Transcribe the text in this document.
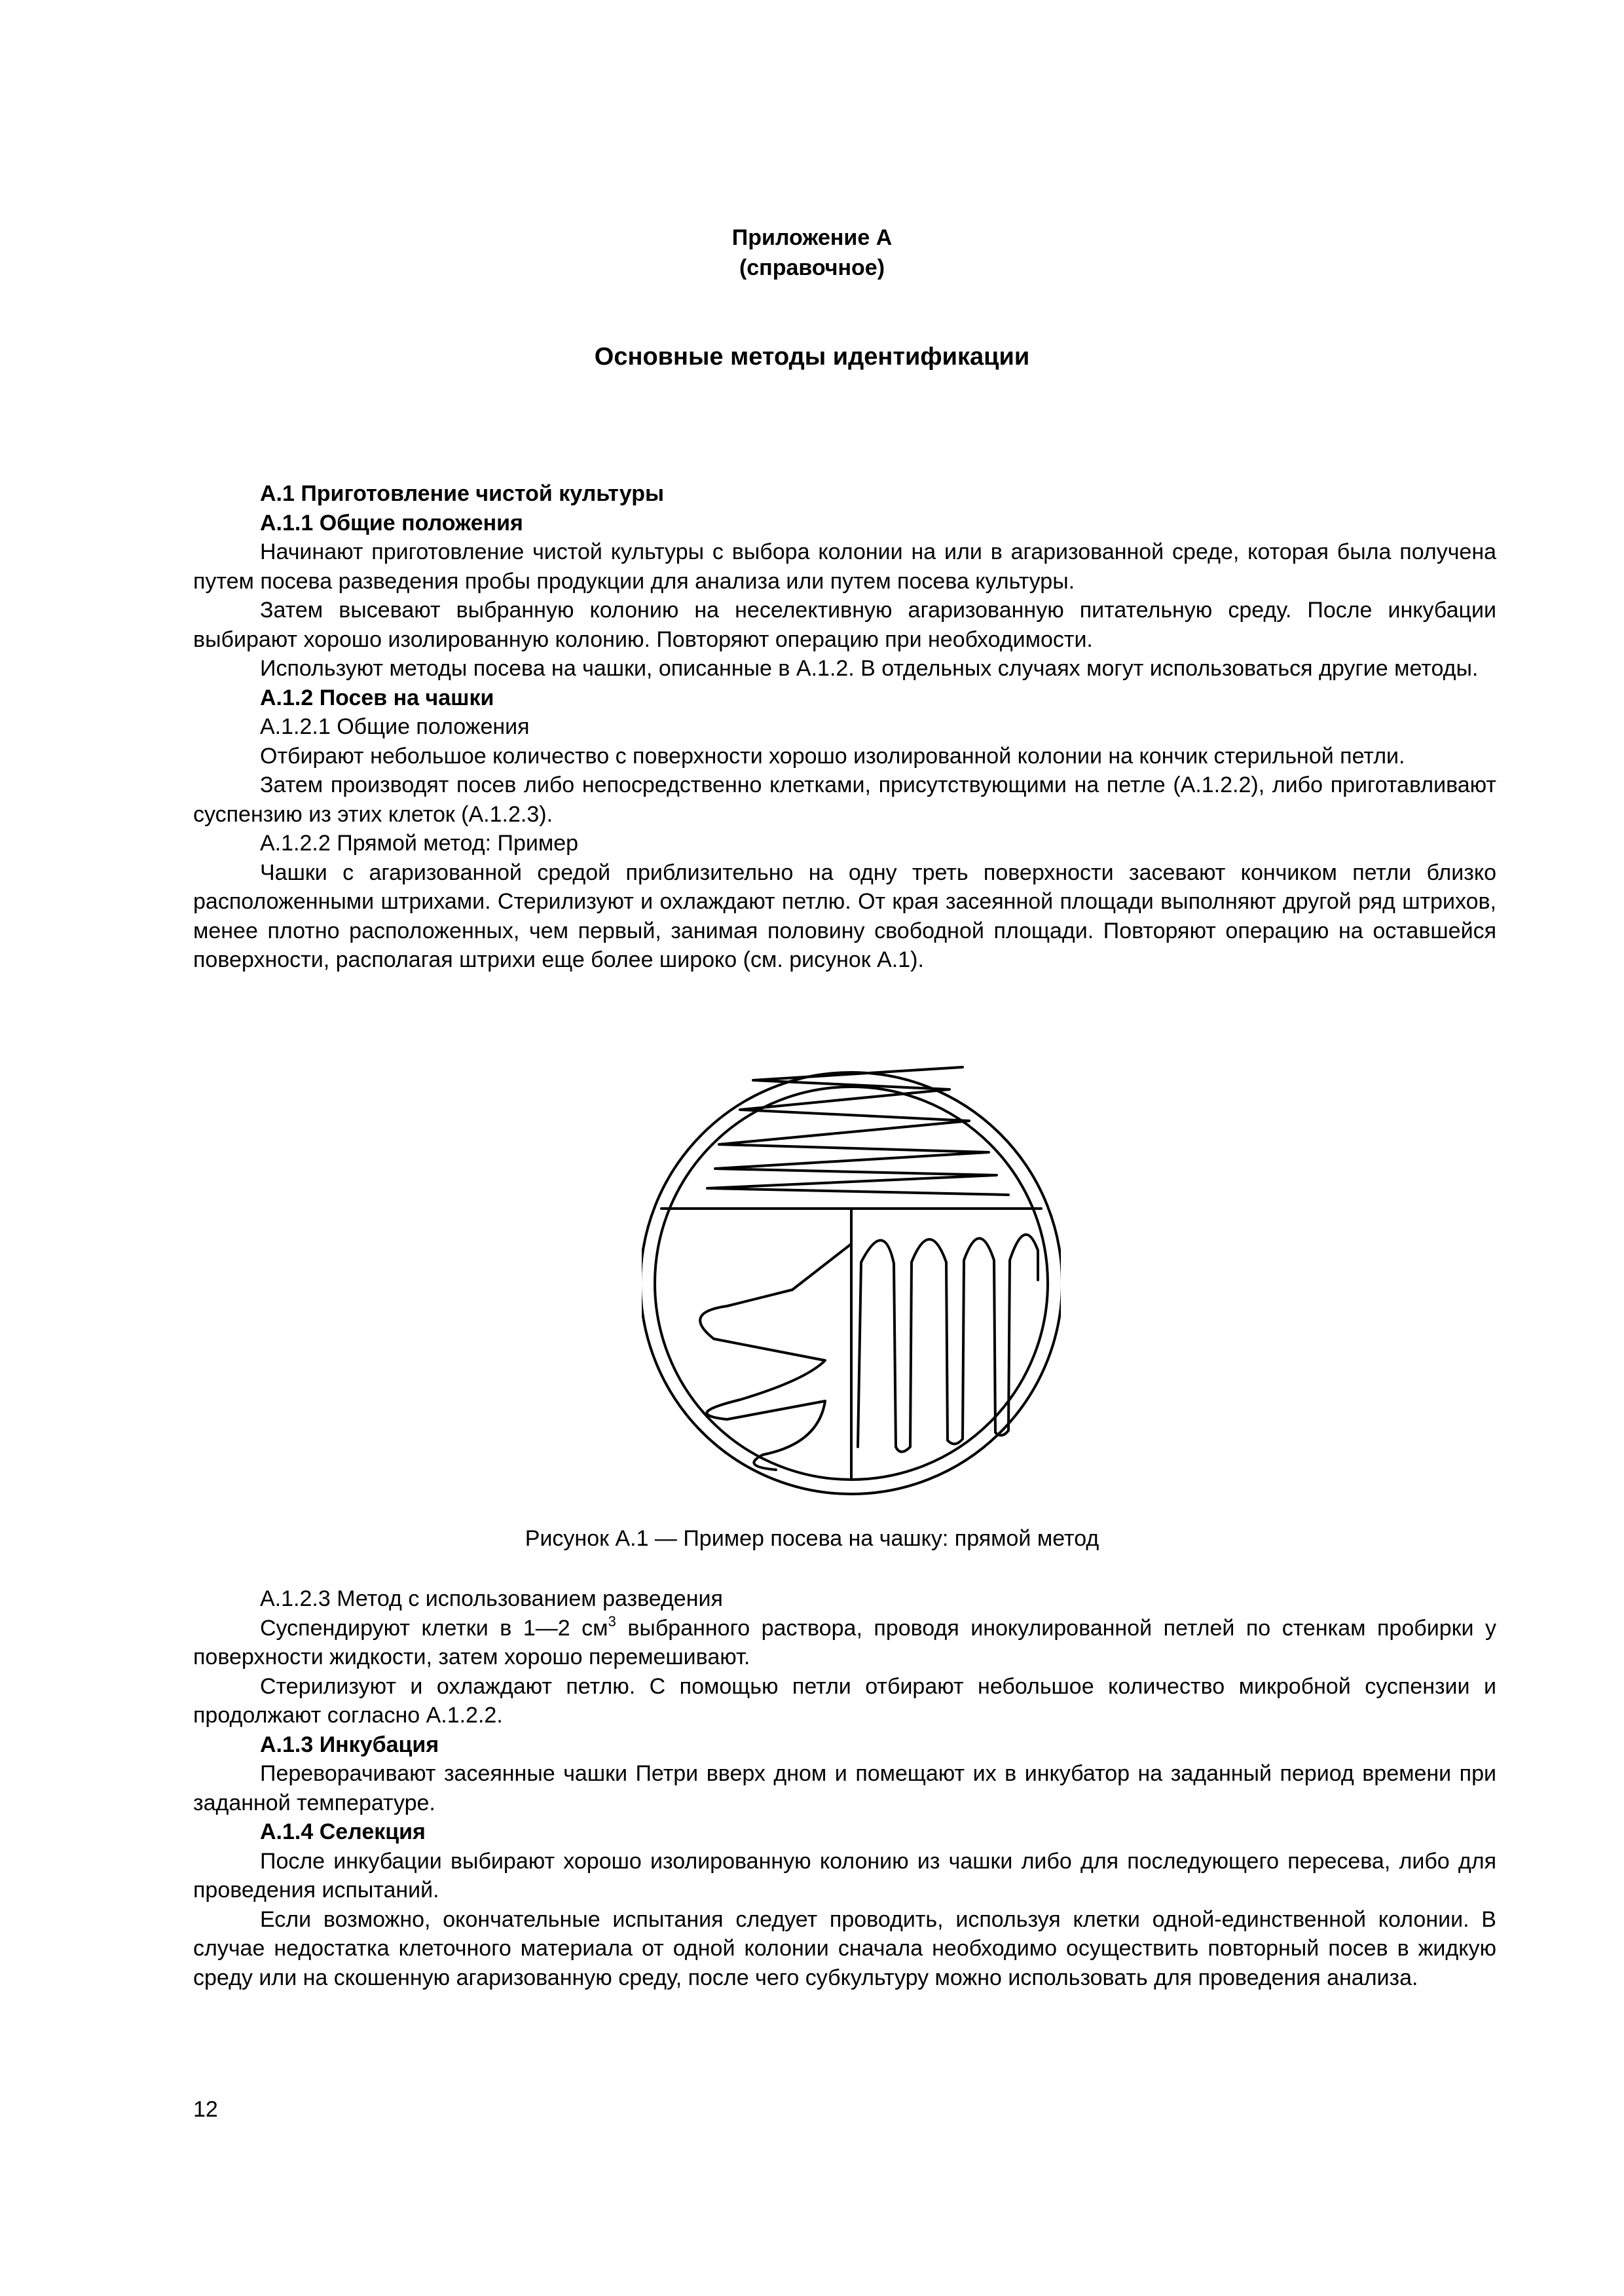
Приложение А
(справочное)
Основные методы идентификации

А.1 Приготовление чистой культуры

А.1.1 Общие положения

Начинают приготовление чистой культуры с выбора колонии на или в агаризованной среде, которая была получена путем посева разведения пробы продукции для анализа или путем посева культуры.

Затем высевают выбранную колонию на неселективную агаризованную питательную среду. После инкубации выбирают хорошо изолированную колонию. Повторяют операцию при необходимости.

Используют методы посева на чашки, описанные в А.1.2. В отдельных случаях могут использоваться другие методы.

А.1.2 Посев на чашки

А.1.2.1 Общие положения

Отбирают небольшое количество с поверхности хорошо изолированной колонии на кончик стерильной петли.

Затем производят посев либо непосредственно клетками, присутствующими на петле (А.1.2.2), либо приготавливают суспензию из этих клеток (А.1.2.3).

А.1.2.2 Прямой метод: Пример

Чашки с агаризованной средой приблизительно на одну треть поверхности засевают кончиком петли близко расположенными штрихами. Стерилизуют и охлаждают петлю. От края засеянной площади выполняют другой ряд штрихов, менее плотно расположенных, чем первый, занимая половину свободной площади. Повторяют операцию на оставшейся поверхности, располагая штрихи еще более широко (см. рисунок А.1).

Рисунок А.1 — Пример посева на чашку: прямой метод

А.1.2.3 Метод с использованием разведения

Суспендируют клетки в 1—2 $см^3$ выбранного раствора, проводя инокулированной петлей по стенкам пробирки у поверхности жидкости, затем хорошо перемешивают.

Стерилизуют и охлаждают петлю. С помощью петли отбирают небольшое количество микробной суспензии и продолжают согласно А.1.2.2.

А.1.3 Инкубация

Переворачивают засеянные чашки Петри вверх дном и помещают их в инкубатор на заданный период времени при заданной температуре.

А.1.4 Селекция

После инкубации выбирают хорошо изолированную колонию из чашки либо для последующего пересева, либо для проведения испытаний.

Если возможно, окончательные испытания следует проводить, используя клетки одной-единственной колонии. В случае недостатка клеточного материала от одной колонии сначала необходимо осуществить повторный посев в жидкую среду или на скошенную агаризованную среду, после чего субкультуру можно использовать для проведения анализа.

12
